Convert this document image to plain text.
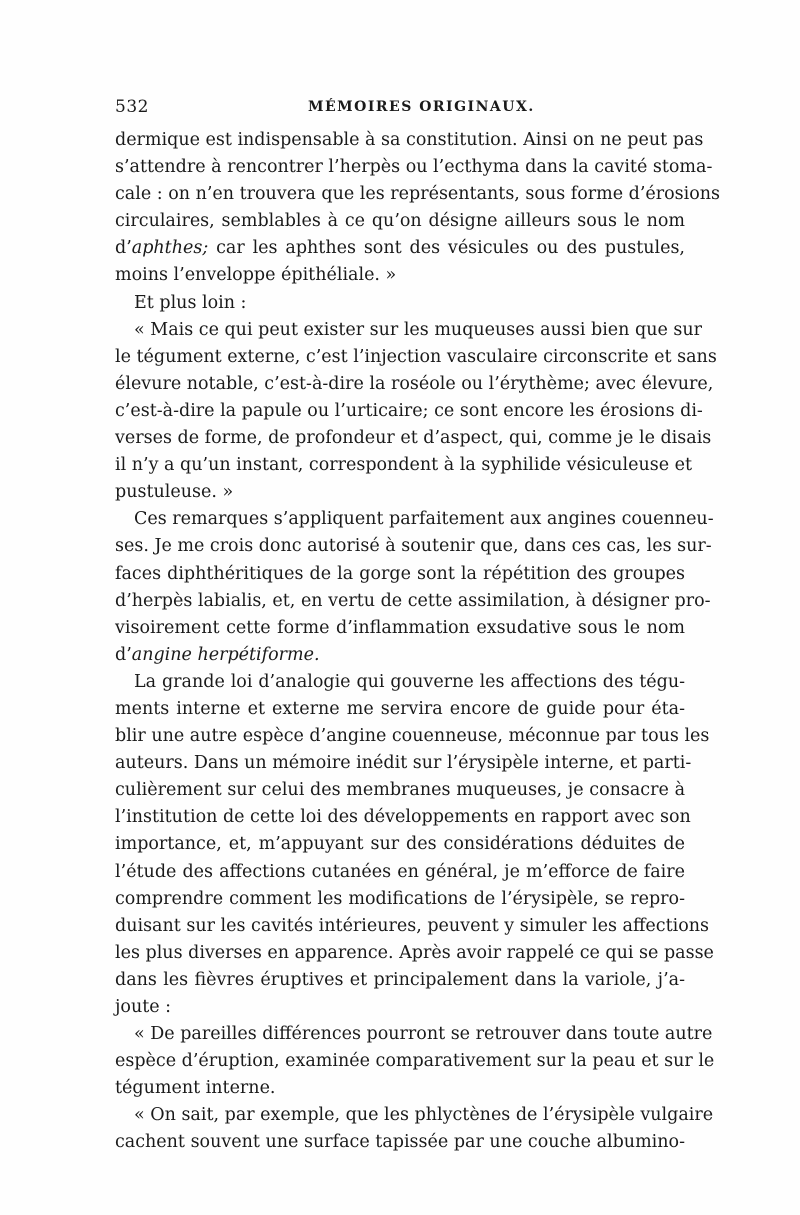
532	MÉMOIRES ORIGINAUX.
dermique est indispensable à sa constitution. Ainsi on ne peut pas
s’attendre à rencontrer l’herpès ou l’ecthyma dans la cavité stoma-
cale : on n’en trouvera que les représentants, sous forme d’érosions
circulaires, semblables à ce qu’on désigne ailleurs sous le nom
d’aphthes; car les aphthes sont des vésicules ou des pustules,
moins l’enveloppe épithéliale. »
Et plus loin :
« Mais ce qui peut exister sur les muqueuses aussi bien que sur
le tégument externe, c’est l’injection vasculaire circonscrite et sans
élevure notable, c’est-à-dire la roséole ou l’érythème; avec élevure,
c’est-à-dire la papule ou l’urticaire; ce sont encore les érosions di-
verses de forme, de profondeur et d’aspect, qui, comme je le disais
il n’y a qu’un instant, correspondent à la syphilide vésiculeuse et
pustuleuse. »
Ces remarques s’appliquent parfaitement aux angines couenneu-
ses. Je me crois donc autorisé à soutenir que, dans ces cas, les sur-
faces diphthéritiques de la gorge sont la répétition des groupes
d’herpès labialis, et, en vertu de cette assimilation, à désigner pro-
visoirement cette forme d’inflammation exsudative sous le nom
d’angine herpétiforme.
La grande loi d’analogie qui gouverne les affections des tégu-
ments interne et externe me servira encore de guide pour éta-
blir une autre espèce d’angine couenneuse, méconnue par tous les
auteurs. Dans un mémoire inédit sur l’érysipèle interne, et parti-
culièrement sur celui des membranes muqueuses, je consacre à
l’institution de cette loi des développements en rapport avec son
importance, et, m’appuyant sur des considérations déduites de
l’étude des affections cutanées en général, je m’efforce de faire
comprendre comment les modifications de l’érysipèle, se repro-
duisant sur les cavités intérieures, peuvent y simuler les affections
les plus diverses en apparence. Après avoir rappelé ce qui se passe
dans les fièvres éruptives et principalement dans la variole, j’a-
joute :
« De pareilles différences pourront se retrouver dans toute autre
espèce d’éruption, examinée comparativement sur la peau et sur le
tégument interne.
« On sait, par exemple, que les phlyctènes de l’érysipèle vulgaire
cachent souvent une surface tapissée par une couche albumino-
